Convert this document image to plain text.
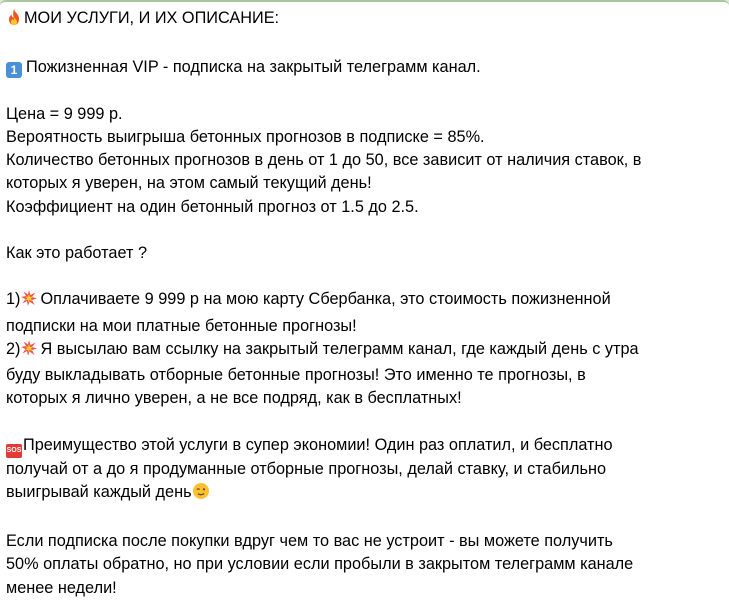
МОИ УСЛУГИ, И ИХ ОПИСАНИЕ:

1 Пожизненная VIP - подписка на закрытый телеграмм канал.

Цена = 9 999 р.

Вероятность выигрыша бетонных прогнозов в подписке = 85%.

Количество бетонных прогнозов в день от 1 до 50, все зависит от наличия ставок, в

которых я уверен, на этом самый текущий день!

Коэффициент на один бетонный прогноз от 1.5 до 2.5.

Как это работает ?

1) Оплачиваете 9 999 р на мою карту Сбербанка, это стоимость пожизненной

подписки на мои платные бетонные прогнозы!

2) Я высылаю вам ссылку на закрытый телеграмм канал, где каждый день с утра

буду выкладывать отборные бетонные прогнозы! Это именно те прогнозы, в

которых я лично уверен, а не все подряд, как в бесплатных!

SOSПреимущество этой услуги в супер экономии! Один раз оплатил, и бесплатно

получай от а до я продуманные отборные прогнозы, делай ставку, и стабильно

выигрывай каждый день

Если подписка после покупки вдруг чем то вас не устроит - вы можете получить

50% оплаты обратно, но при условии если пробыли в закрытом телеграмм канале

менее недели!
